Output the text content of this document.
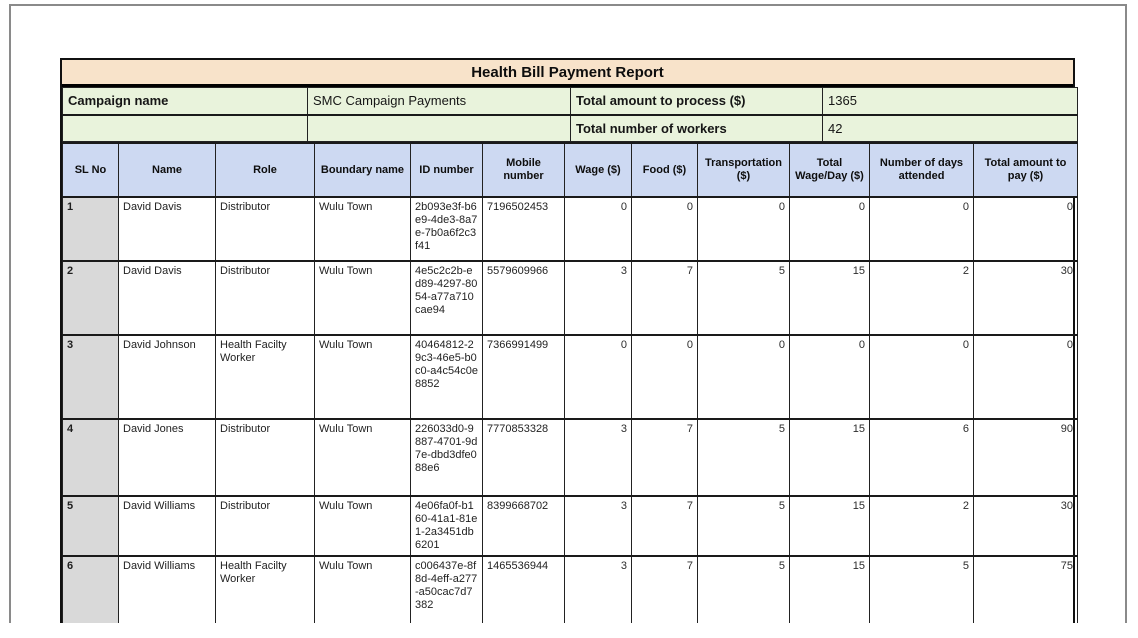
Health Bill Payment Report
Campaign name	SMC Campaign Payments	Total amount to process ($)	1365
		Total number of workers	42
SL No	Name	Role	Boundary name	ID number	Mobile number	Wage ($)	Food ($)	Transportation ($)	Total Wage/Day ($)	Number of days attended	Total amount to pay ($)
1	David Davis	Distributor	Wulu Town	2b093e3f-b6e9-4de3-8a7e-7b0a6f2c3f41	7196502453	0	0	0	0	0	0
2	David Davis	Distributor	Wulu Town	4e5c2c2b-ed89-4297-8054-a77a710cae94	5579609966	3	7	5	15	2	30
3	David Johnson	Health Facilty Worker	Wulu Town	40464812-29c3-46e5-b0c0-a4c54c0e8852	7366991499	0	0	0	0	0	0
4	David Jones	Distributor	Wulu Town	226033d0-9887-4701-9d7e-dbd3dfe088e6	7770853328	3	7	5	15	6	90
5	David Williams	Distributor	Wulu Town	4e06fa0f-b160-41a1-81e1-2a3451db6201	8399668702	3	7	5	15	2	30
6	David Williams	Health Facilty Worker	Wulu Town	c006437e-8f8d-4eff-a277-a50cac7d7382	1465536944	3	7	5	15	5	75
